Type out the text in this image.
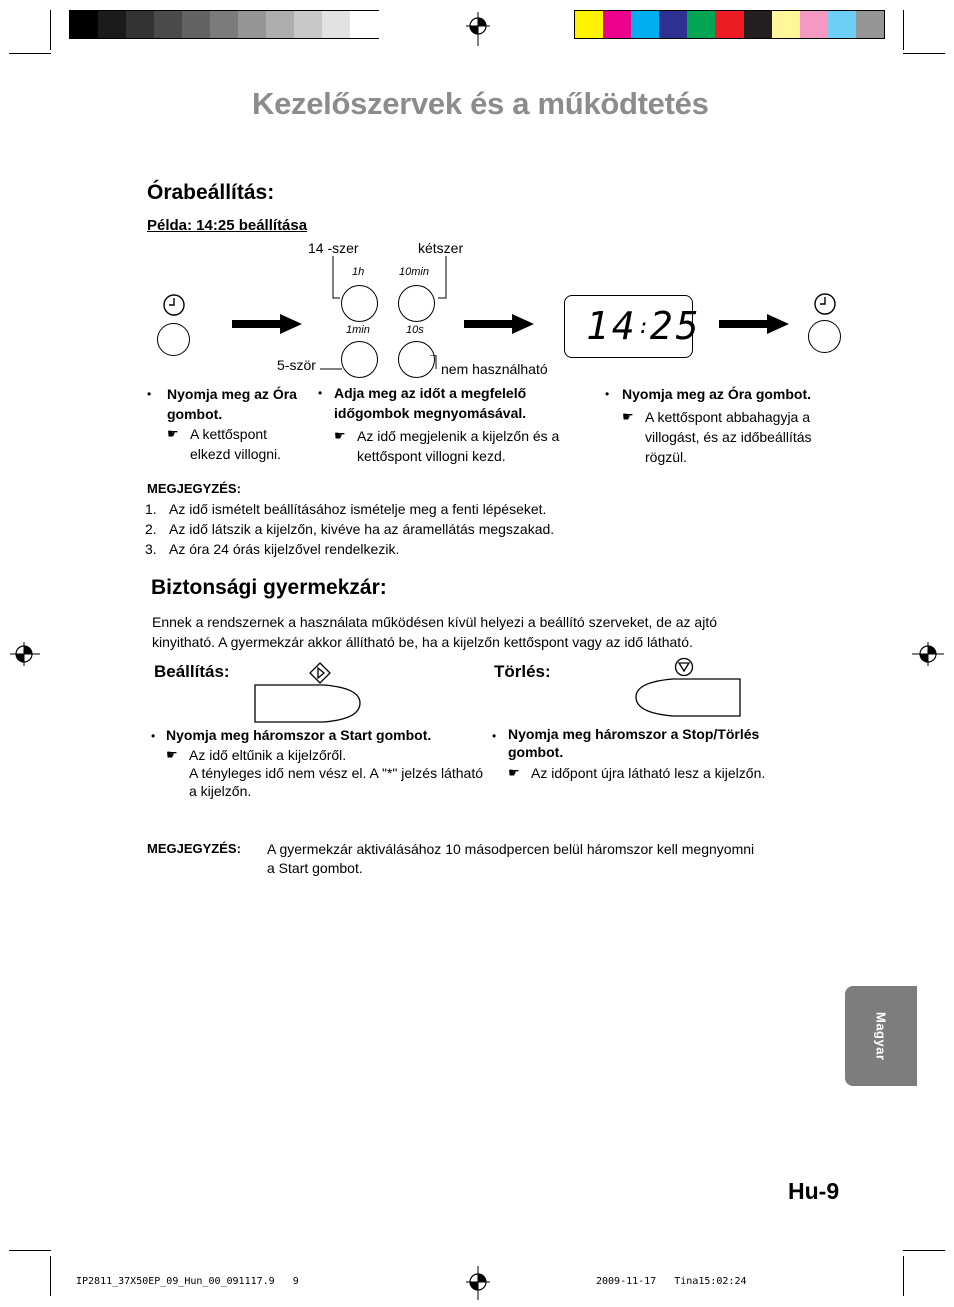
Kezelőszervek és a működtetés
Órabeállítás:
Példa: 14:25 beállítása
14 -szer	kétszer
1h	10min
1min	10s
5-ször	nem használható
14 : 25
• Nyomja meg az Óra gombot.
☛ A kettőspont elkezd villogni.
• Adja meg az időt a megfelelő időgombok megnyomásával.
☛ Az idő megjelenik a kijelzőn és a kettőspont villogni kezd.
• Nyomja meg az Óra gombot.
☛ A kettőspont abbahagyja a villogást, és az időbeállítás rögzül.
MEGJEGYZÉS:
1. Az idő ismételt beállításához ismételje meg a fenti lépéseket.
2. Az idő látszik a kijelzőn, kivéve ha az áramellátás megszakad.
3. Az óra 24 órás kijelzővel rendelkezik.
Biztonsági gyermekzár:
Ennek a rendszernek a használata működésen kívül helyezi a beállító szerveket, de az ajtó
kinyitható. A gyermekzár akkor állítható be, ha a kijelzőn kettőspont vagy az idő látható.
Beállítás:	Törlés:
• Nyomja meg háromszor a Start gombot.
☛ Az idő eltűnik a kijelzőről.
A tényleges idő nem vész el. A "*" jelzés látható a kijelzőn.
• Nyomja meg háromszor a Stop/Törlés gombot.
☛ Az időpont újra látható lesz a kijelzőn.
MEGJEGYZÉS: A gyermekzár aktiválásához 10 másodpercen belül háromszor kell megnyomni
a Start gombot.
Magyar
Hu-9
IP2811_37X50EP_09_Hun_00_091117.9   9	2009-11-17   Tina15:02:24
